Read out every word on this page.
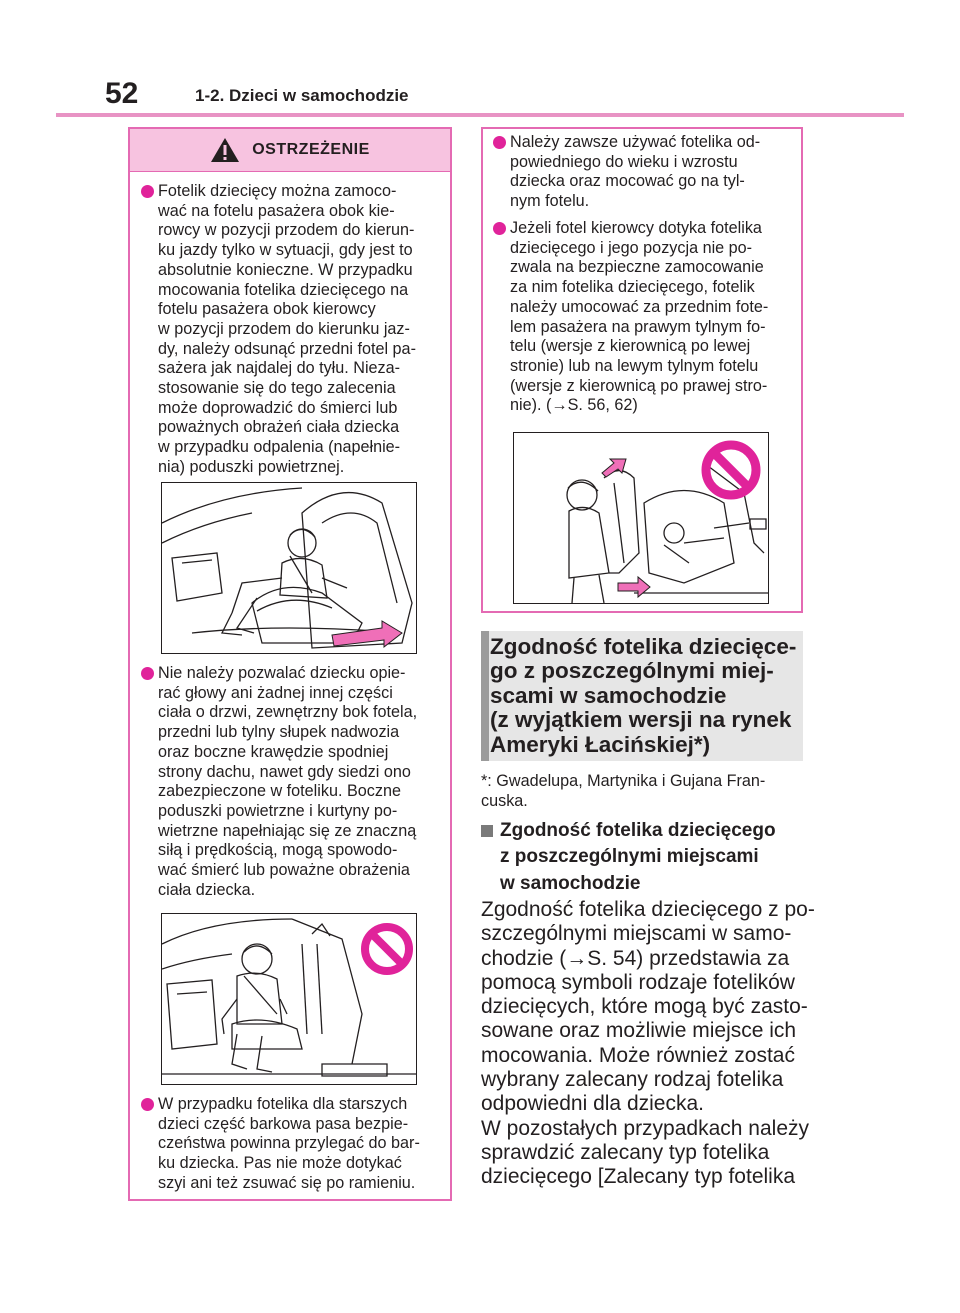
52	1-2. Dzieci w samochodzie
OSTRZEŻENIE
Fotelik dziecięcy można zamoco-
wać na fotelu pasażera obok kie-
rowcy w pozycji przodem do kierun-
ku jazdy tylko w sytuacji, gdy jest to
absolutnie konieczne. W przypadku
mocowania fotelika dziecięcego na
fotelu pasażera obok kierowcy
w pozycji przodem do kierunku jaz-
dy, należy odsunąć przedni fotel pa-
sażera jak najdalej do tyłu. Nieza-
stosowanie się do tego zalecenia
może doprowadzić do śmierci lub
poważnych obrażeń ciała dziecka
w przypadku odpalenia (napełnie-
nia) poduszki powietrznej.
Nie należy pozwalać dziecku opie-
rać głowy ani żadnej innej części
ciała o drzwi, zewnętrzny bok fotela,
przedni lub tylny słupek nadwozia
oraz boczne krawędzie spodniej
strony dachu, nawet gdy siedzi ono
zabezpieczone w foteliku. Boczne
poduszki powietrzne i kurtyny po-
wietrzne napełniając się ze znaczną
siłą i prędkością, mogą spowodo-
wać śmierć lub poważne obrażenia
ciała dziecka.
W przypadku fotelika dla starszych
dzieci część barkowa pasa bezpie-
czeństwa powinna przylegać do bar-
ku dziecka. Pas nie może dotykać
szyi ani też zsuwać się po ramieniu.
Należy zawsze używać fotelika od-
powiedniego do wieku i wzrostu
dziecka oraz mocować go na tyl-
nym fotelu.
Jeżeli fotel kierowcy dotyka fotelika
dziecięcego i jego pozycja nie po-
zwala na bezpieczne zamocowanie
za nim fotelika dziecięcego, fotelik
należy umocować za przednim fote-
lem pasażera na prawym tylnym fo-
telu (wersje z kierownicą po lewej
stronie) lub na lewym tylnym fotelu
(wersje z kierownicą po prawej stro-
nie). (→S. 56, 62)
Zgodność fotelika dziecięce-
go z poszczególnymi miej-
scami w samochodzie
(z wyjątkiem wersji na rynek
Ameryki Łacińskiej*)
*: Gwadelupa, Martynika i Gujana Fran-
cuska.
Zgodność fotelika dziecięcego
z poszczególnymi miejscami
w samochodzie
Zgodność fotelika dziecięcego z po-
szczególnymi miejscami w samo-
chodzie (→S. 54) przedstawia za
pomocą symboli rodzaje fotelików
dziecięcych, które mogą być zasto-
sowane oraz możliwie miejsce ich
mocowania. Może również zostać
wybrany zalecany rodzaj fotelika
odpowiedni dla dziecka.
W pozostałych przypadkach należy
sprawdzić zalecany typ fotelika
dziecięcego [Zalecany typ fotelika
